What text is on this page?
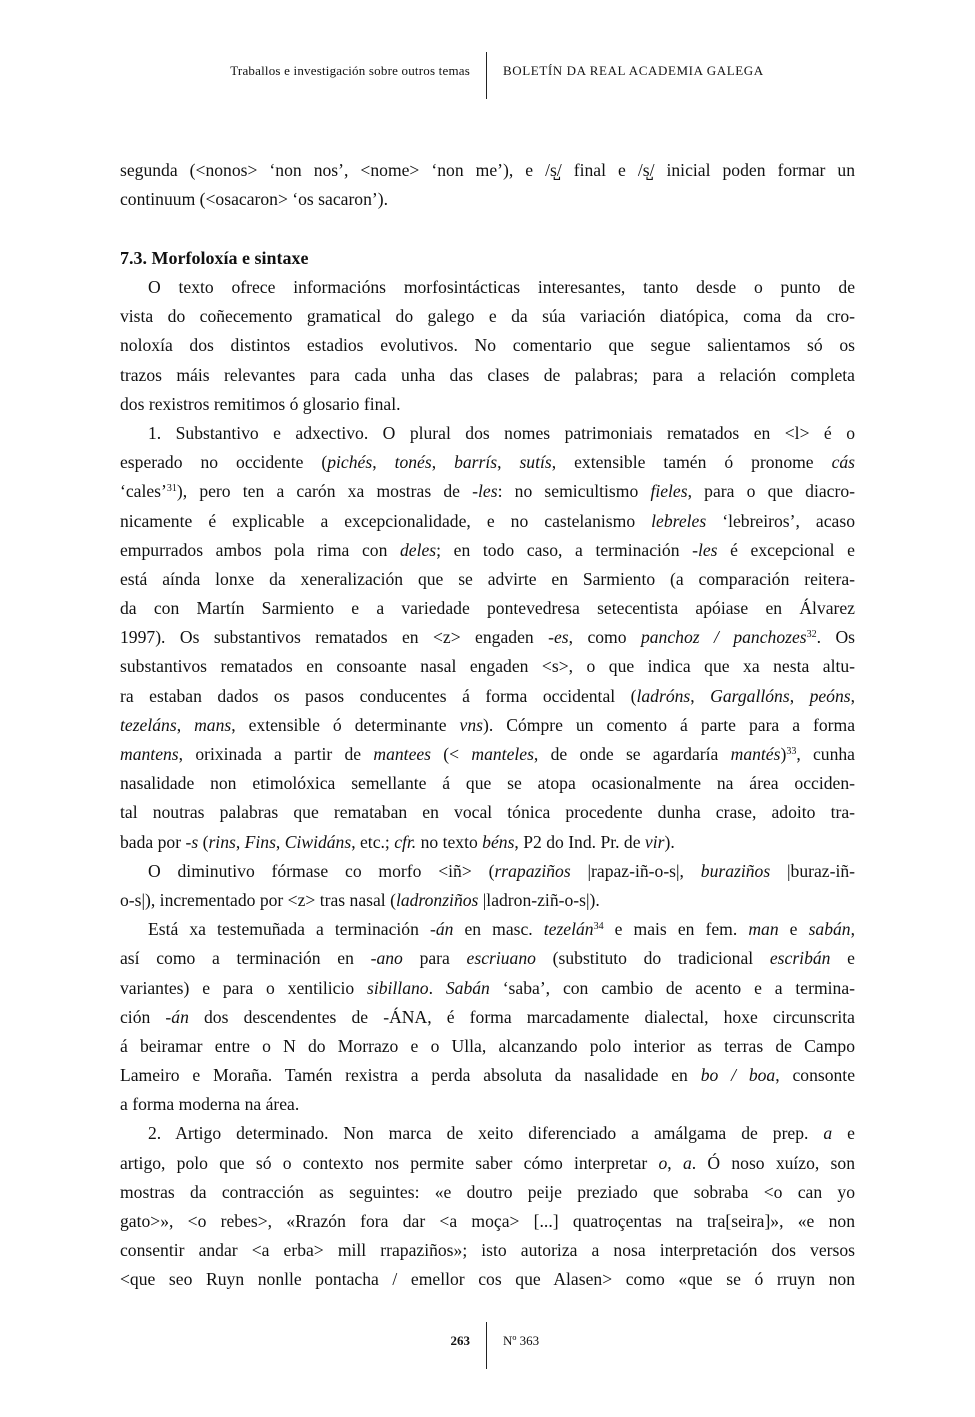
Traballos e investigación sobre outros temas	BOLETÍN DA REAL ACADEMIA GALEGA
segunda (<nonos> ‘non nos’, <nome> ‘non me’), e /s̺/ final e /s̺/ inicial poden formar un
continuum (<osacaron> ‘os sacaron’).
7.3. Morfoloxía e sintaxe
O texto ofrece informacións morfosintácticas interesantes, tanto desde o punto de
vista do coñecemento gramatical do galego e da súa variación diatópica, coma da cro-
noloxía dos distintos estadios evolutivos. No comentario que segue salientamos só os
trazos máis relevantes para cada unha das clases de palabras; para a relación completa
dos rexistros remitimos ó glosario final.
1. Substantivo e adxectivo. O plural dos nomes patrimoniais rematados en <l> é o
esperado no occidente (pichés, tonés, barrís, sutís, extensible tamén ó pronome cás
‘cales’$^{31}$), pero ten a carón xa mostras de -les: no semicultismo fieles, para o que diacro-
nicamente é explicable a excepcionalidade, e no castelanismo lebreles ‘lebreiros’, acaso
empurrados ambos pola rima con deles; en todo caso, a terminación -les é excepcional e
está aínda lonxe da xeneralización que se advirte en Sarmiento (a comparación reitera-
da con Martín Sarmiento e a variedade pontevedresa setecentista apóiase en Álvarez
1997). Os substantivos rematados en <z> engaden -es, como panchoz / panchozes$^{32}$. Os
substantivos rematados en consoante nasal engaden <s>, o que indica que xa nesta altu-
ra estaban dados os pasos conducentes á forma occidental (ladróns, Gargallóns, peóns,
tezeláns, mans, extensible ó determinante vns). Cómpre un comento á parte para a forma
mantens, orixinada a partir de mantees (< manteles, de onde se agardaría mantés)$^{33}$, cunha
nasalidade non etimolóxica semellante á que se atopa ocasionalmente na área occiden-
tal noutras palabras que remataban en vocal tónica procedente dunha crase, adoito tra-
bada por -s (rins, Fins, Ciwidáns, etc.; cfr. no texto béns, P2 do Ind. Pr. de vir).
O diminutivo fórmase co morfo <iñ> (rrapaziños |rapaz-iñ-o-s|, buraziños |buraz-iñ-
o-s|), incrementado por <z> tras nasal (ladronziños |ladron-ziñ-o-s|).
Está xa testemuñada a terminación -án en masc. tezelán$^{34}$ e mais en fem. man e sabán,
así como a terminación en -ano para escriuano (substituto do tradicional escribán e
variantes) e para o xentilicio sibillano. Sabán ‘saba’, con cambio de acento e a termina-
ción -án dos descendentes de -ÁNA, é forma marcadamente dialectal, hoxe circunscrita
á beiramar entre o N do Morrazo e o Ulla, alcanzando polo interior as terras de Campo
Lameiro e Moraña. Tamén rexistra a perda absoluta da nasalidade en bo / boa, consonte
a forma moderna na área.
2. Artigo determinado. Non marca de xeito diferenciado a amálgama de prep. a e
artigo, polo que só o contexto nos permite saber cómo interpretar o, a. Ó noso xuízo, son
mostras da contracción as seguintes: «e doutro peije preziado que sobraba <o can yo
gato>», <o rebes>, «Rrazón fora dar <a moça> [...] quatroçentas na tra[seira]», «e non
consentir andar <a erba> mill rrapaziños»; isto autoriza a nosa interpretación dos versos
<que seo Ruyn nonlle pontacha / emellor cos que Alasen> como «que se ó rruyn non
263	Nº 363
